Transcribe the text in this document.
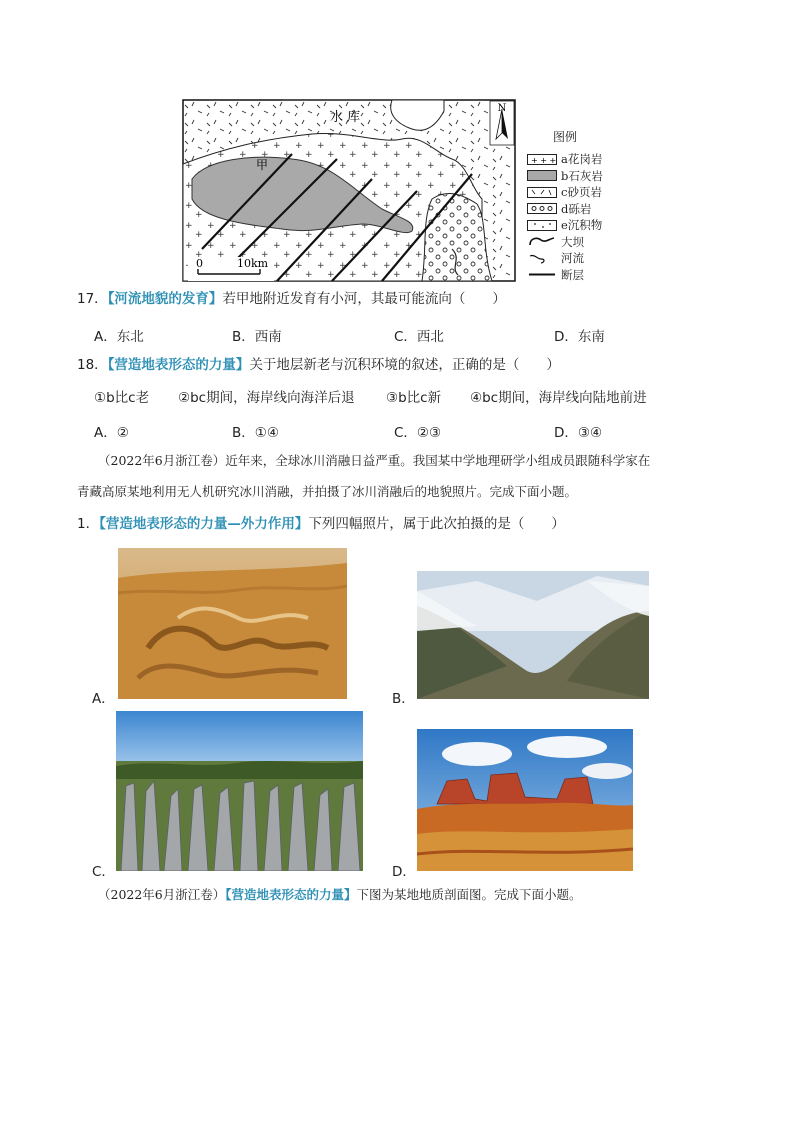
N
水 库
甲
0	10km
图例
+ + + a花岗岩
b石灰岩
c砂页岩
d砾岩
e沉积物
大坝
河流
断层
17．【河流地貌的发育】若甲地附近发育有小河，其最可能流向（　　）
A．东北	B．西南	C．西北	D．东南
18．【营造地表形态的力量】关于地层新老与沉积环境的叙述，正确的是（　　）
①b比c老 ②bc期间，海岸线向海洋后退 ③b比c新 ④bc期间，海岸线向陆地前进
A．②	B．①④	C．②③	D．③④
（2022年6月浙江卷）近年来，全球冰川消融日益严重。我国某中学地理研学小组成员跟随科学家在
青藏高原某地利用无人机研究冰川消融，并拍摄了冰川消融后的地貌照片。完成下面小题。
1．【营造地表形态的力量—外力作用】下列四幅照片，属于此次拍摄的是（　　）
A．	B．
C．	D．
（2022年6月浙江卷）【营造地表形态的力量】下图为某地地质剖面图。完成下面小题。
